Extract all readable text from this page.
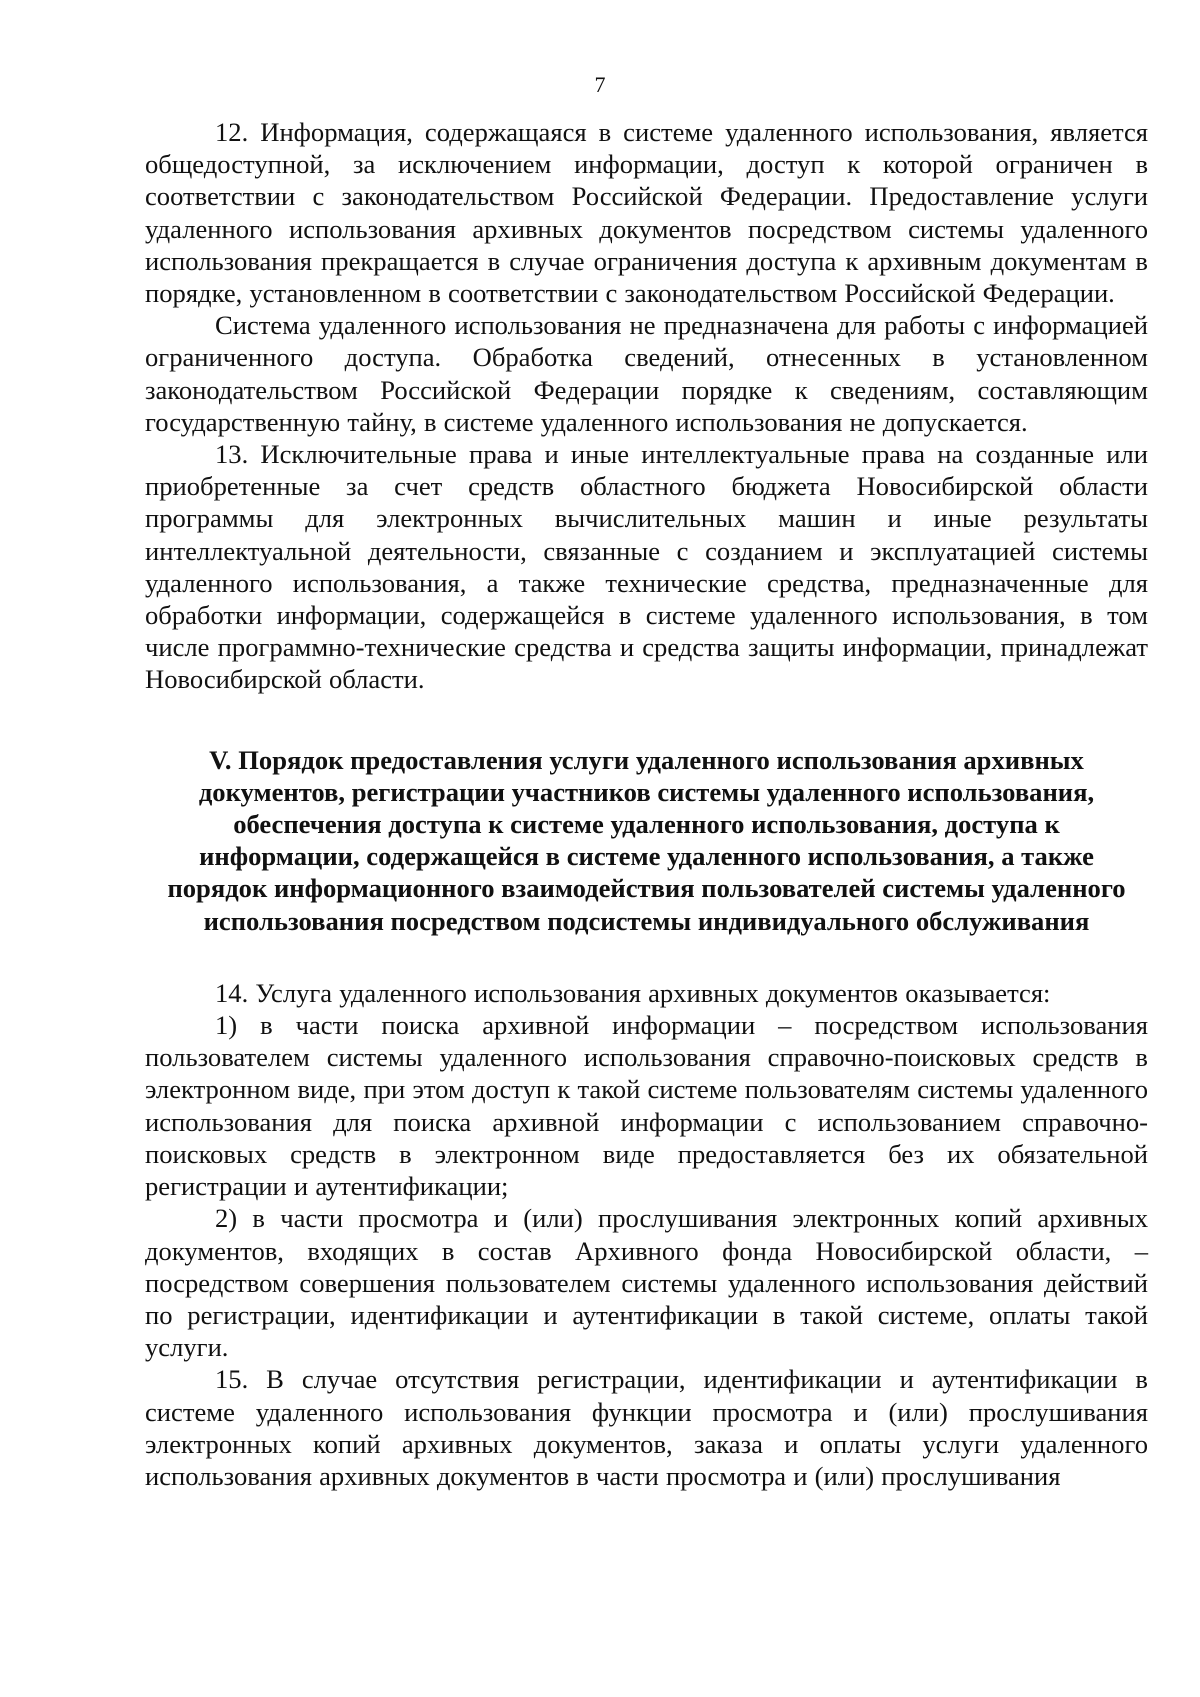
7

12. Информация, содержащаяся в системе удаленного использования, является общедоступной, за исключением информации, доступ к которой ограничен в соответствии с законодательством Российской Федерации. Предоставление услуги удаленного использования архивных документов посредством системы удаленного использования прекращается в случае ограничения доступа к архивным документам в порядке, установленном в соответствии с законодательством Российской Федерации.

Система удаленного использования не предназначена для работы с информацией ограниченного доступа. Обработка сведений, отнесенных в установленном законодательством Российской Федерации порядке к сведениям, составляющим государственную тайну, в системе удаленного использования не допускается.

13. Исключительные права и иные интеллектуальные права на созданные или приобретенные за счет средств областного бюджета Новосибирской области программы для электронных вычислительных машин и иные результаты интеллектуальной деятельности, связанные с созданием и эксплуатацией системы удаленного использования, а также технические средства, предназначенные для обработки информации, содержащейся в системе удаленного использования, в том числе программно-технические средства и средства защиты информации, принадлежат Новосибирской области.

V. Порядок предоставления услуги удаленного использования архивных документов, регистрации участников системы удаленного использования, обеспечения доступа к системе удаленного использования, доступа к информации, содержащейся в системе удаленного использования, а также порядок информационного взаимодействия пользователей системы удаленного использования посредством подсистемы индивидуального обслуживания

14. Услуга удаленного использования архивных документов оказывается:

1) в части поиска архивной информации – посредством использования пользователем системы удаленного использования справочно-поисковых средств в электронном виде, при этом доступ к такой системе пользователям системы удаленного использования для поиска архивной информации с использованием справочно-поисковых средств в электронном виде предоставляется без их обязательной регистрации и аутентификации;

2) в части просмотра и (или) прослушивания электронных копий архивных документов, входящих в состав Архивного фонда Новосибирской области, – посредством совершения пользователем системы удаленного использования действий по регистрации, идентификации и аутентификации в такой системе, оплаты такой услуги.

15. В случае отсутствия регистрации, идентификации и аутентификации в системе удаленного использования функции просмотра и (или) прослушивания электронных копий архивных документов, заказа и оплаты услуги удаленного использования архивных документов в части просмотра и (или) прослушивания
